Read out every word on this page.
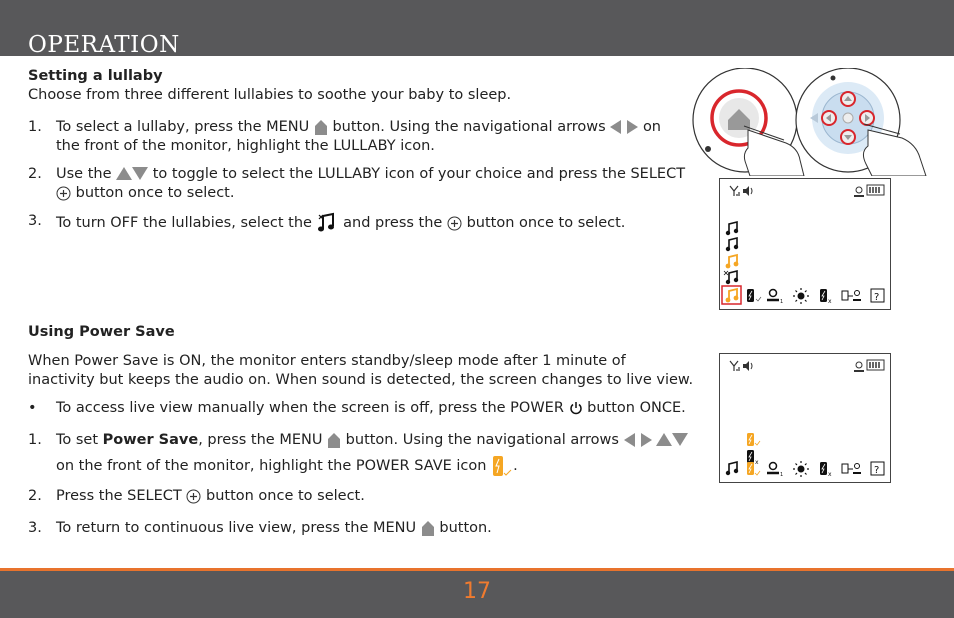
OPERATION
Setting a lullaby
Choose from three different lullabies to soothe your baby to sleep.
1. To select a lullaby, press the MENU button. Using the navigational arrows	on the front of the monitor, highlight the LULLABY icon.
2. Use the	to toggle to select the LULLABY icon of your choice and press the SELECT  button once to select.
3. To turn OFF the lullabies, select the and press the button once to select.
1	x	?
Using Power Save
When Power Save is ON, the monitor enters standby/sleep mode after 1 minute of inactivity but keeps the audio on. When sound is detected, the screen changes to live view.
• To access live view manually when the screen is off, press the POWER button ONCE.
1. To set Power Save, press the MENU button. Using the navigational arrows
on the front of the monitor, highlight the POWER SAVE icon .
2. Press the SELECT button once to select.
3. To return to continuous live view, press the MENU button.
x
1	x	?
17
